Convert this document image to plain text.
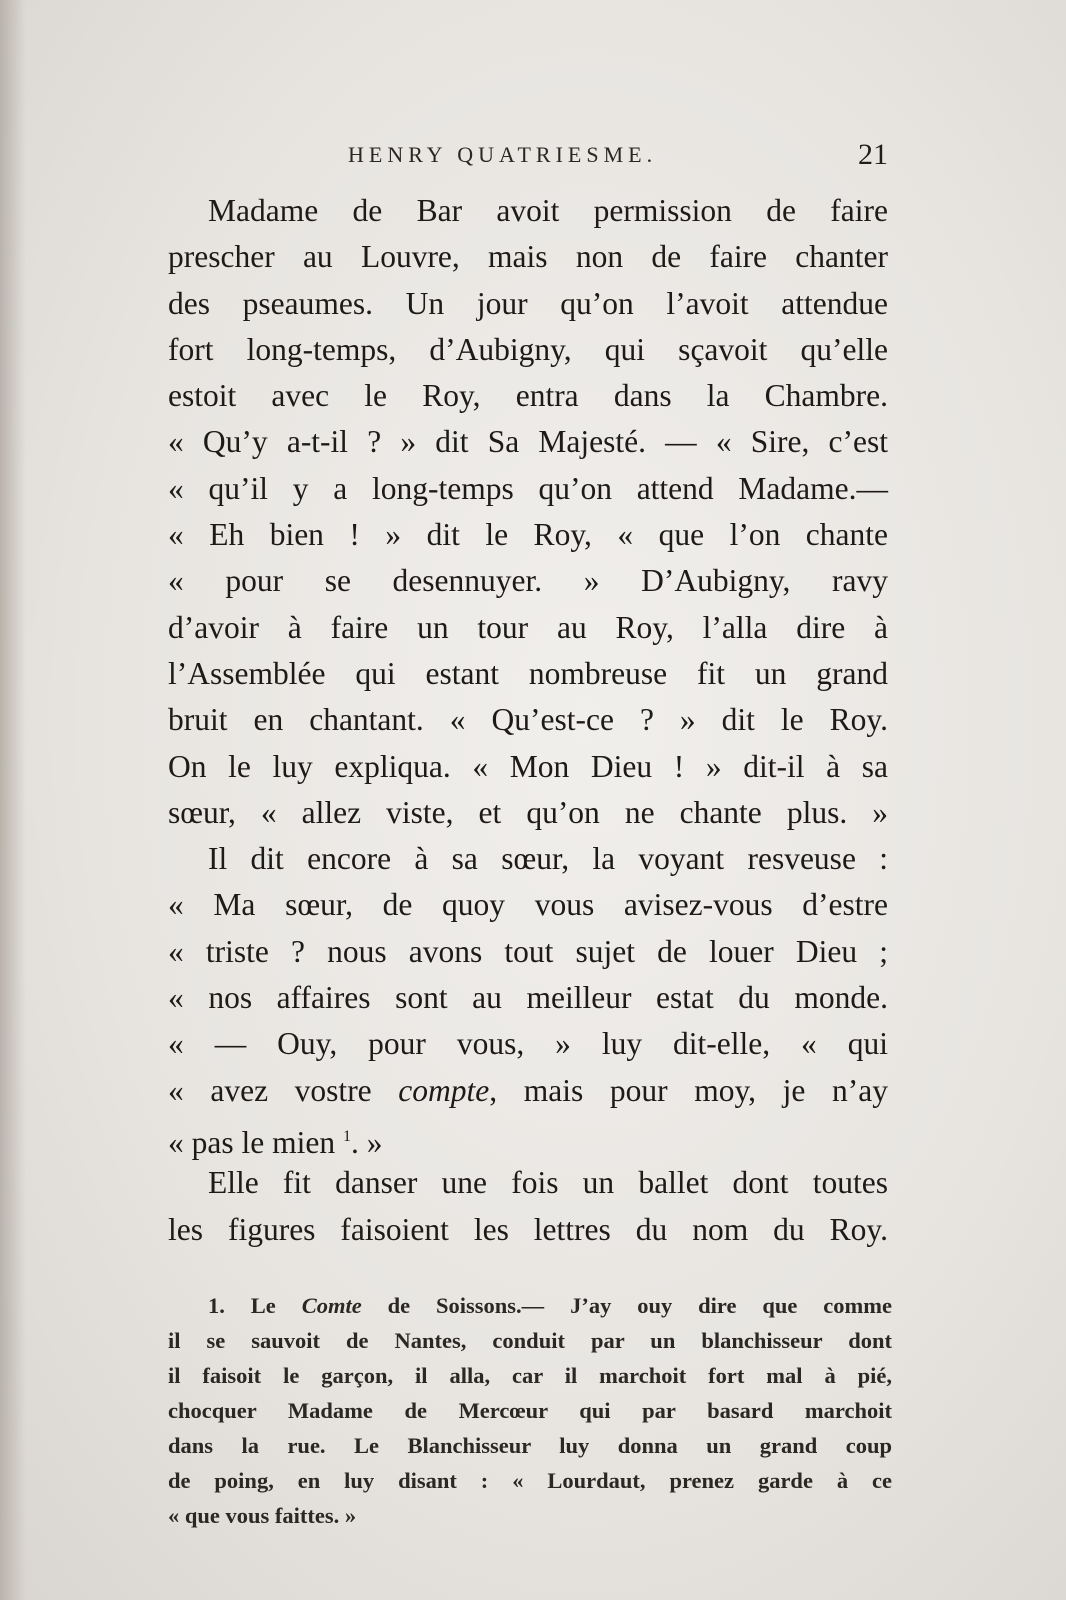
HENRY QUATRIESME.	21
Madame de Bar avoit permission de faire
prescher au Louvre, mais non de faire chanter
des pseaumes. Un jour qu’on l’avoit attendue
fort long-temps, d’Aubigny, qui sçavoit qu’elle
estoit avec le Roy, entra dans la Chambre.
« Qu’y a-t-il ? » dit Sa Majesté. — « Sire, c’est
« qu’il y a long-temps qu’on attend Madame.—
« Eh bien ! » dit le Roy, « que l’on chante
« pour se desennuyer. » D’Aubigny, ravy
d’avoir à faire un tour au Roy, l’alla dire à
l’Assemblée qui estant nombreuse fit un grand
bruit en chantant. « Qu’est-ce ? » dit le Roy.
On le luy expliqua. « Mon Dieu ! » dit-il à sa
sœur, « allez viste, et qu’on ne chante plus. »
Il dit encore à sa sœur, la voyant resveuse :
« Ma sœur, de quoy vous avisez-vous d’estre
« triste ? nous avons tout sujet de louer Dieu ;
« nos affaires sont au meilleur estat du monde.
« — Ouy, pour vous, » luy dit-elle, « qui
« avez vostre compte, mais pour moy, je n’ay
« pas le mien $^1$. »
Elle fit danser une fois un ballet dont toutes
les figures faisoient les lettres du nom du Roy.
1. Le Comte de Soissons.— J’ay ouy dire que comme
il se sauvoit de Nantes, conduit par un blanchisseur dont
il faisoit le garçon, il alla, car il marchoit fort mal à pié,
chocquer Madame de Mercœur qui par basard marchoit
dans la rue. Le Blanchisseur luy donna un grand coup
de poing, en luy disant : « Lourdaut, prenez garde à ce
« que vous faittes. »
